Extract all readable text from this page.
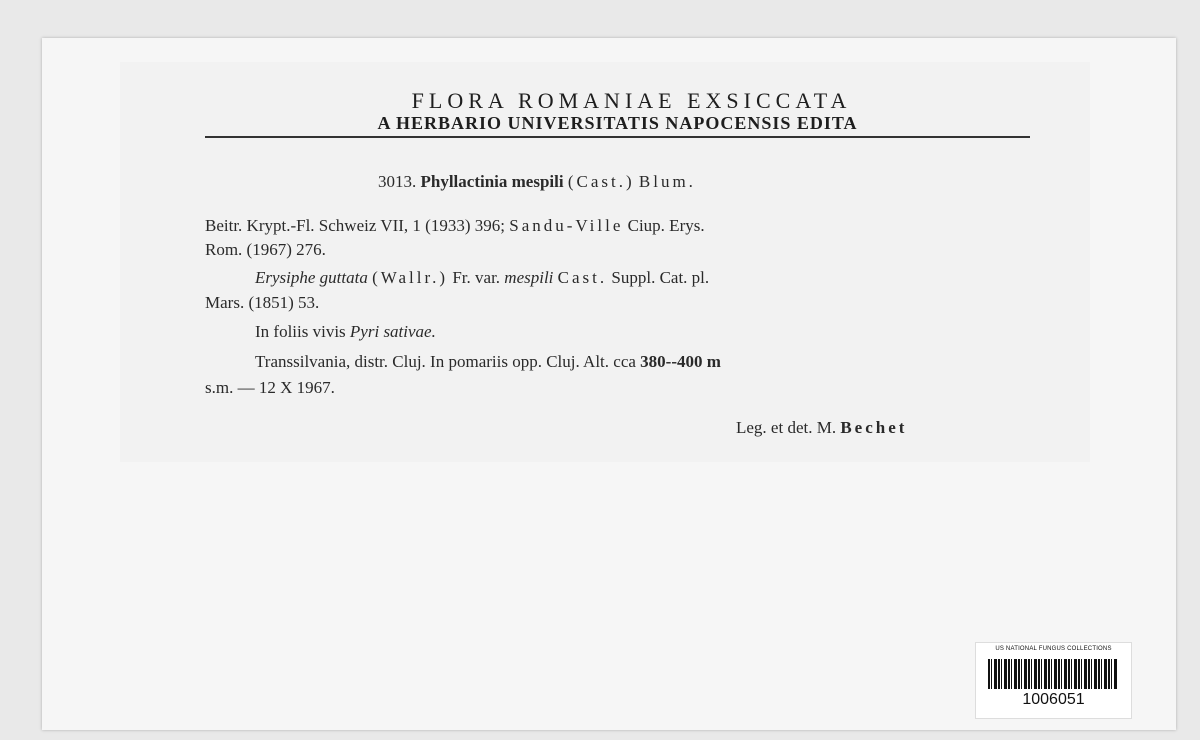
FLORA ROMANIAE EXSICCATA
A HERBARIO UNIVERSITATIS NAPOCENSIS EDITA
3013. Phyllactinia mespili (Cast.) Blum.
Beitr. Krypt.-Fl. Schweiz VII, 1 (1933) 396; Sandu-Ville Ciup. Erys.
Rom. (1967) 276.
Erysiphe guttata (Wallr.) Fr. var. mespili Cast. Suppl. Cat. pl.
Mars. (1851) 53.
In foliis vivis Pyri sativae.
Transsilvania, distr. Cluj. In pomariis opp. Cluj. Alt. cca 380--400 m
s.m. — 12 X 1967.
Leg. et det. M. Bechet
US NATIONAL FUNGUS COLLECTIONS
1006051
